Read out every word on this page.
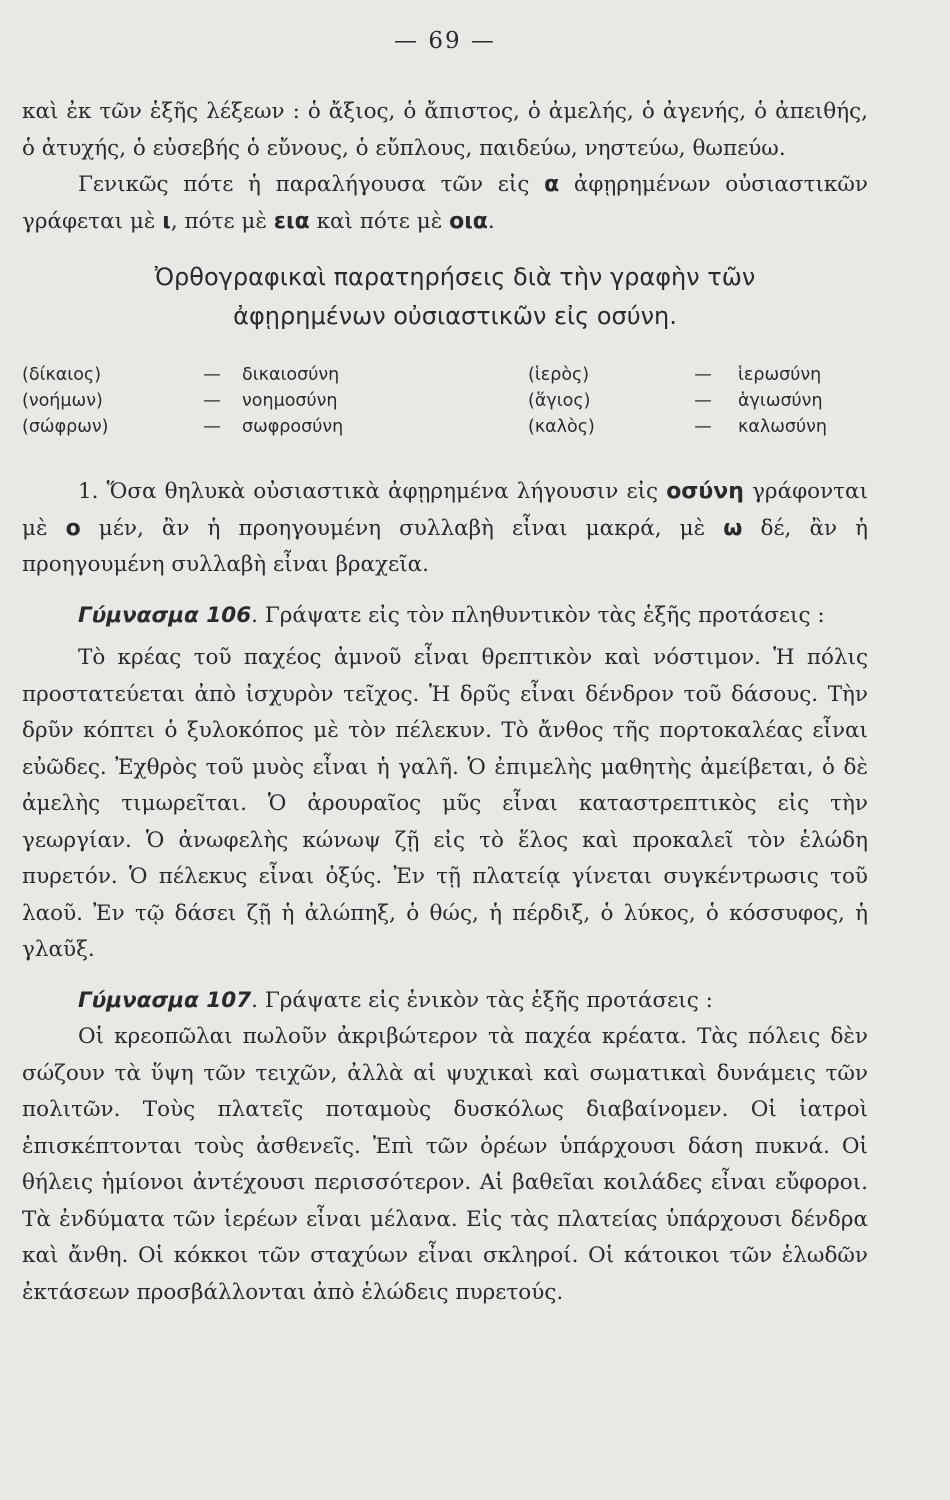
— 69 —

καὶ ἐκ τῶν ἑξῆς λέξεων : ὁ ἄξιος, ὁ ἄπιστος, ὁ ἀμελής, ὁ ἀγενής, ὁ ἀπειθής, ὁ ἀτυχής, ὁ εὐσεβής ὁ εὔνους, ὁ εὔπλους, παιδεύω, νηστεύω, θωπεύω.

Γενικῶς πότε ἡ παραλήγουσα τῶν εἰς α ἀφῃρημένων οὐσιαστικῶν γράφεται μὲ ι, πότε μὲ εια καὶ πότε μὲ οια.

Ὀρθογραφικαὶ παρατηρήσεις διὰ τὴν γραφὴν τῶν
ἀφῃρημένων οὐσιαστικῶν εἰς οσύνη.
(δίκαιος)	—	δικαιοσύνη
(νοήμων)	—	νοημοσύνη
(σώφρων)	—	σωφροσύνη
(ἱερὸς)	—	ἱερωσύνη
(ἅγιος)	—	ἁγιωσύνη
(καλὸς)	—	καλωσύνη

1. Ὅσα θηλυκὰ οὐσιαστικὰ ἀφῃρημένα λήγουσιν εἰς οσύνη γράφονται μὲ ο μέν, ἂν ἡ προηγουμένη συλλαβὴ εἶναι μακρά, μὲ ω δέ, ἂν ἡ προηγουμένη συλλαβὴ εἶναι βραχεῖα.

Γύμνασμα 106. Γράψατε εἰς τὸν πληθυντικὸν τὰς ἑξῆς προτάσεις :

Τὸ κρέας τοῦ παχέος ἀμνοῦ εἶναι θρεπτικὸν καὶ νόστιμον. Ἡ πόλις προστατεύεται ἀπὸ ἰσχυρὸν τεῖχος. Ἡ δρῦς εἶναι δένδρον τοῦ δάσους. Τὴν δρῦν κόπτει ὁ ξυλοκόπος μὲ τὸν πέλεκυν. Τὸ ἄνθος τῆς πορτοκαλέας εἶναι εὐῶδες. Ἐχθρὸς τοῦ μυὸς εἶναι ἡ γαλῆ. Ὁ ἐπιμελὴς μαθητὴς ἀμείβεται, ὁ δὲ ἀμελὴς τιμωρεῖται. Ὁ ἀρουραῖος μῦς εἶναι καταστρεπτικὸς εἰς τὴν γεωργίαν. Ὁ ἀνωφελὴς κώνωψ ζῇ εἰς τὸ ἕλος καὶ προκαλεῖ τὸν ἑλώδη πυρετόν. Ὁ πέλεκυς εἶναι ὀξύς. Ἐν τῇ πλατείᾳ γίνεται συγκέντρωσις τοῦ λαοῦ. Ἐν τῷ δάσει ζῇ ἡ ἀλώπηξ, ὁ θώς, ἡ πέρδιξ, ὁ λύκος, ὁ κόσσυφος, ἡ γλαῦξ.

Γύμνασμα 107. Γράψατε εἰς ἑνικὸν τὰς ἑξῆς προτάσεις :

Οἱ κρεοπῶλαι πωλοῦν ἀκριβώτερον τὰ παχέα κρέατα. Τὰς πόλεις δὲν σώζουν τὰ ὕψη τῶν τειχῶν, ἀλλὰ αἱ ψυχικαὶ καὶ σωματικαὶ δυνάμεις τῶν πολιτῶν. Τοὺς πλατεῖς ποταμοὺς δυσκόλως διαβαίνομεν. Οἱ ἰατροὶ ἐπισκέπτονται τοὺς ἀσθενεῖς. Ἐπὶ τῶν ὀρέων ὑπάρχουσι δάση πυκνά. Οἱ θήλεις ἡμίονοι ἀντέχουσι περισσότερον. Αἱ βαθεῖαι κοιλάδες εἶναι εὔφοροι. Τὰ ἐνδύματα τῶν ἱερέων εἶναι μέλανα. Εἰς τὰς πλατείας ὑπάρχουσι δένδρα καὶ ἄνθη. Οἱ κόκκοι τῶν σταχύων εἶναι σκληροί. Οἱ κάτοικοι τῶν ἑλωδῶν ἐκτάσεων προσβάλλονται ἀπὸ ἑλώδεις πυρετούς.
